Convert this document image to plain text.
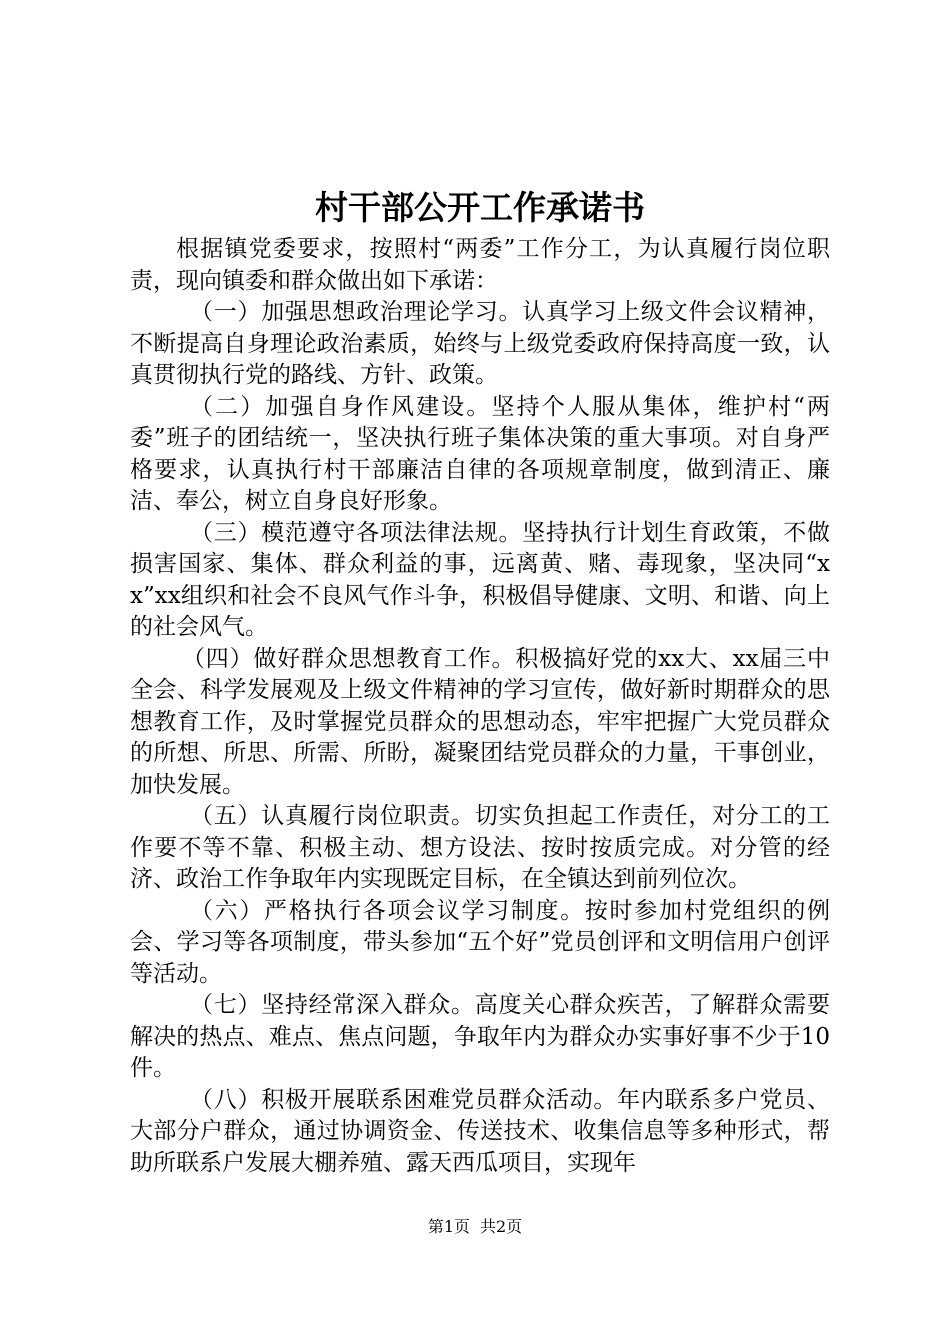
村干部公开工作承诺书

根据镇党委要求，按照村“两委”工作分工，为认真履行岗位职责，现向镇委和群众做出如下承诺：

（一）加强思想政治理论学习。认真学习上级文件会议精神，不断提高自身理论政治素质，始终与上级党委政府保持高度一致，认真贯彻执行党的路线、方针、政策。

（二）加强自身作风建设。坚持个人服从集体，维护村“两委”班子的团结统一，坚决执行班子集体决策的重大事项。对自身严格要求，认真执行村干部廉洁自律的各项规章制度，做到清正、廉洁、奉公，树立自身良好形象。

（三）模范遵守各项法律法规。坚持执行计划生育政策，不做损害国家、集体、群众利益的事，远离黄、赌、毒现象，坚决同“xx”xx组织和社会不良风气作斗争，积极倡导健康、文明、和谐、向上的社会风气。

（四）做好群众思想教育工作。积极搞好党的xx大、xx届三中全会、科学发展观及上级文件精神的学习宣传，做好新时期群众的思想教育工作，及时掌握党员群众的思想动态，牢牢把握广大党员群众的所想、所思、所需、所盼，凝聚团结党员群众的力量，干事创业，加快发展。

（五）认真履行岗位职责。切实负担起工作责任，对分工的工作要不等不靠、积极主动、想方设法、按时按质完成。对分管的经济、政治工作争取年内实现既定目标，在全镇达到前列位次。

（六）严格执行各项会议学习制度。按时参加村党组织的例会、学习等各项制度，带头参加“五个好”党员创评和文明信用户创评等活动。

（七）坚持经常深入群众。高度关心群众疾苦，了解群众需要解决的热点、难点、焦点问题，争取年内为群众办实事好事不少于10件。

（八）积极开展联系困难党员群众活动。年内联系多户党员、大部分户群众，通过协调资金、传送技术、收集信息等多种形式，帮助所联系户发展大棚养殖、露天西瓜项目，实现年

第1页 共2页
